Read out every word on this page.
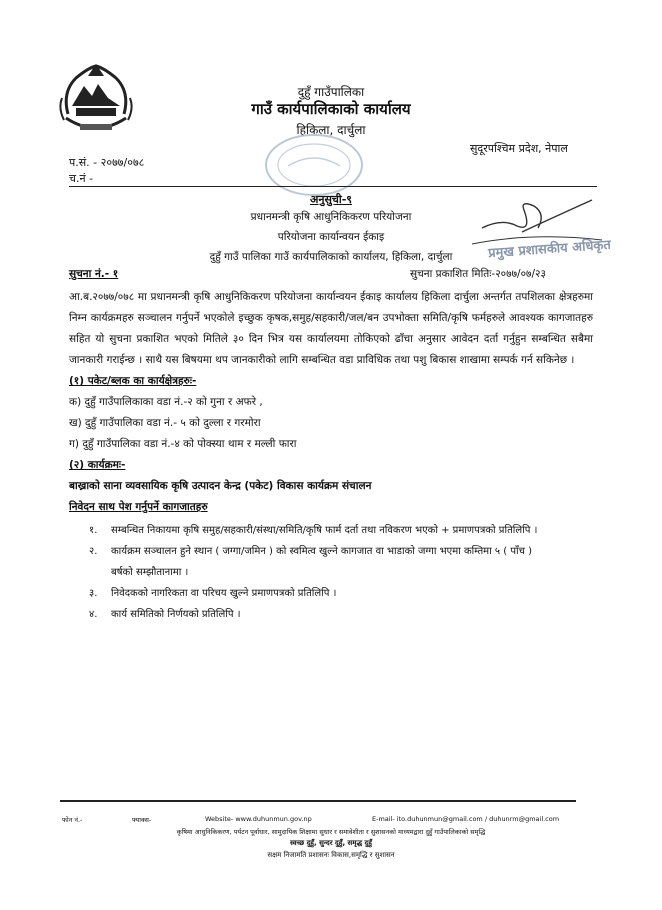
दुहुँ गाउँपालिका
गाउँ कार्यपालिकाको कार्यालय
हिकिला, दार्चुला
सुदूरपश्चिम प्रदेश, नेपाल
प.सं. - २०७७/०७८
च.नं -
अनुसुची-९
प्रधानमन्त्री कृषि आधुनिकिकरण परियोजना
परियोजना कार्यान्वयन ईकाइ
दुहुँ गाउँ पालिका गाउँ कार्यपालिकाको कार्यालय, हिकिला, दार्चुला	प्रमुख प्रशासकीय अधिकृत
सुचना नं.- १	सुचना प्रकाशित मितिः-२०७७/०७/२३
आ.ब.२०७७/०७८ मा प्रधानमन्त्री कृषि आधुनिकिकरण परियोजना कार्यान्वयन ईकाइ कार्यालय हिकिला दार्चुला अन्तर्गत तपशिलका क्षेत्रहरुमा निम्न कार्यक्रमहरु सञ्चालन गर्नुपर्ने भएकोले इच्छुक कृषक,समुह/सहकारी/जल/बन उपभोक्ता समिति/कृषि फर्महरुले आवश्यक कागजातहरु सहित यो सुचना प्रकाशित भएको मितिले ३० दिन भित्र यस कार्यालयमा तोकिएको ढाँचा अनुसार आवेदन दर्ता गर्नुहुन सम्बन्धित सबैमा जानकारी गराईन्छ । साथै यस बिषयमा थप जानकारीको लागि सम्बन्धित वडा प्राविधिक तथा पशु बिकास शाखामा सम्पर्क गर्न सकिनेछ ।
(१) पकेट/ब्लक का कार्यक्षेत्रहरुः-
क) दुहुँ गाउँपालिकाका वडा नं.-२ को गुना र अफरे ,
ख) दुहुँ गाउँपालिका वडा नं.- ५ को दुल्ला र गरमोरा
ग) दुहुँ गाउँपालिका वडा नं.-४ को पोक्स्या थाम र मल्ली फारा
(२) कार्यक्रमः-
बाख्राको साना व्यवसायिक कृषि उत्पादन केन्द्र (पकेट) विकास कार्यक्रम संचालन
निवेदन साथ पेश गर्नुपर्ने कागजातहरु
१.	सम्बन्धित निकायमा कृषि समुह/सहकारी/संस्था/समिति/कृषि फार्म दर्ता तथा नविकरण भएको + प्रमाणपत्रको प्रतिलिपि ।
२.	कार्यक्रम सञ्चालन हुने स्थान ( जग्गा/जमिन ) को स्वमित्व खुल्ने कागजात वा भाडाको जग्गा भएमा कम्तिमा ५ ( पाँच )
बर्षको सम्झौतानामा ।
३.	निवेदकको नागरिकता वा परिचय खुल्ने प्रमाणपत्रको प्रतिलिपि ।
४.	कार्य समितिको निर्णयको प्रतिलिपि ।
फोन नं.-	फ्याक्स-	Website- www.duhunmun.gov.np	E-mail- ito.duhunmun@gmail.com / duhunrm@gmail.com
कृषिमा आधुनिकिकरण, पर्यटन पूर्वाधार, सामुदायिक शिक्षामा सुधार र समावेशीता र सुशासनको माध्यमद्वारा दुहुँ गाउँपालिकाको समृद्धि
स्वच्छ दुहुँ, सुन्दर दुहुँ, समृद्ध दुहुँ
सक्षम निजामति प्रशासनः विकास,समृद्धि र सुशासन
